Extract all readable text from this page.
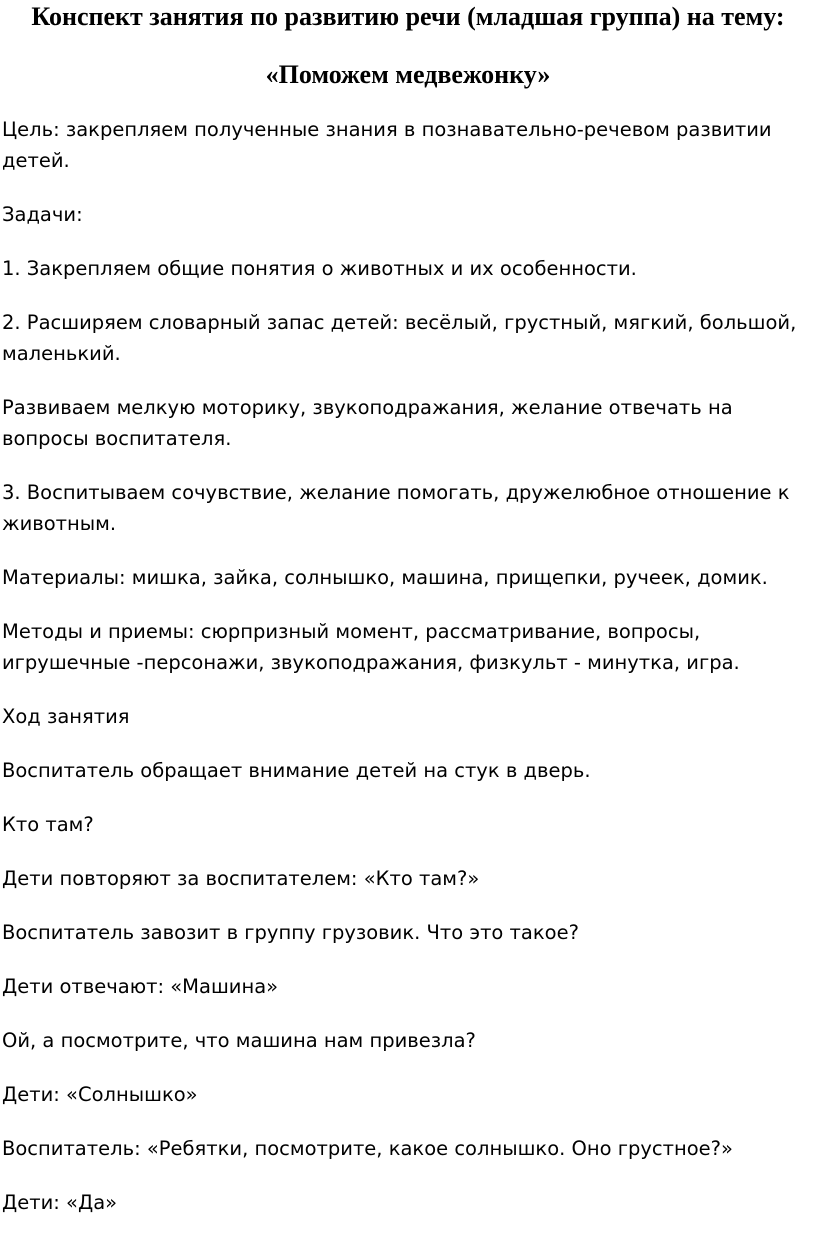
Конспект занятия по развитию речи (младшая группа) на тему:
«Поможем медвежонку»

Цель: закрепляем полученные знания в познавательно-речевом развитии детей.

Задачи:

1. Закрепляем общие понятия о животных и их особенности.

2. Расширяем словарный запас детей: весёлый, грустный, мягкий, большой, маленький.

Развиваем мелкую моторику, звукоподражания, желание отвечать на вопросы воспитателя.

3. Воспитываем сочувствие, желание помогать, дружелюбное отношение к животным.

Материалы: мишка, зайка, солнышко, машина, прищепки, ручеек, домик.

Методы и приемы: сюрпризный момент, рассматривание, вопросы, игрушечные -персонажи, звукоподражания, физкульт - минутка, игра.

Ход занятия

Воспитатель обращает внимание детей на стук в дверь.

Кто там?

Дети повторяют за воспитателем: «Кто там?»

Воспитатель завозит в группу грузовик. Что это такое?

Дети отвечают: «Машина»

Ой, а посмотрите, что машина нам привезла?

Дети: «Солнышко»

Воспитатель: «Ребятки, посмотрите, какое солнышко. Оно грустное?»

Дети: «Да»
